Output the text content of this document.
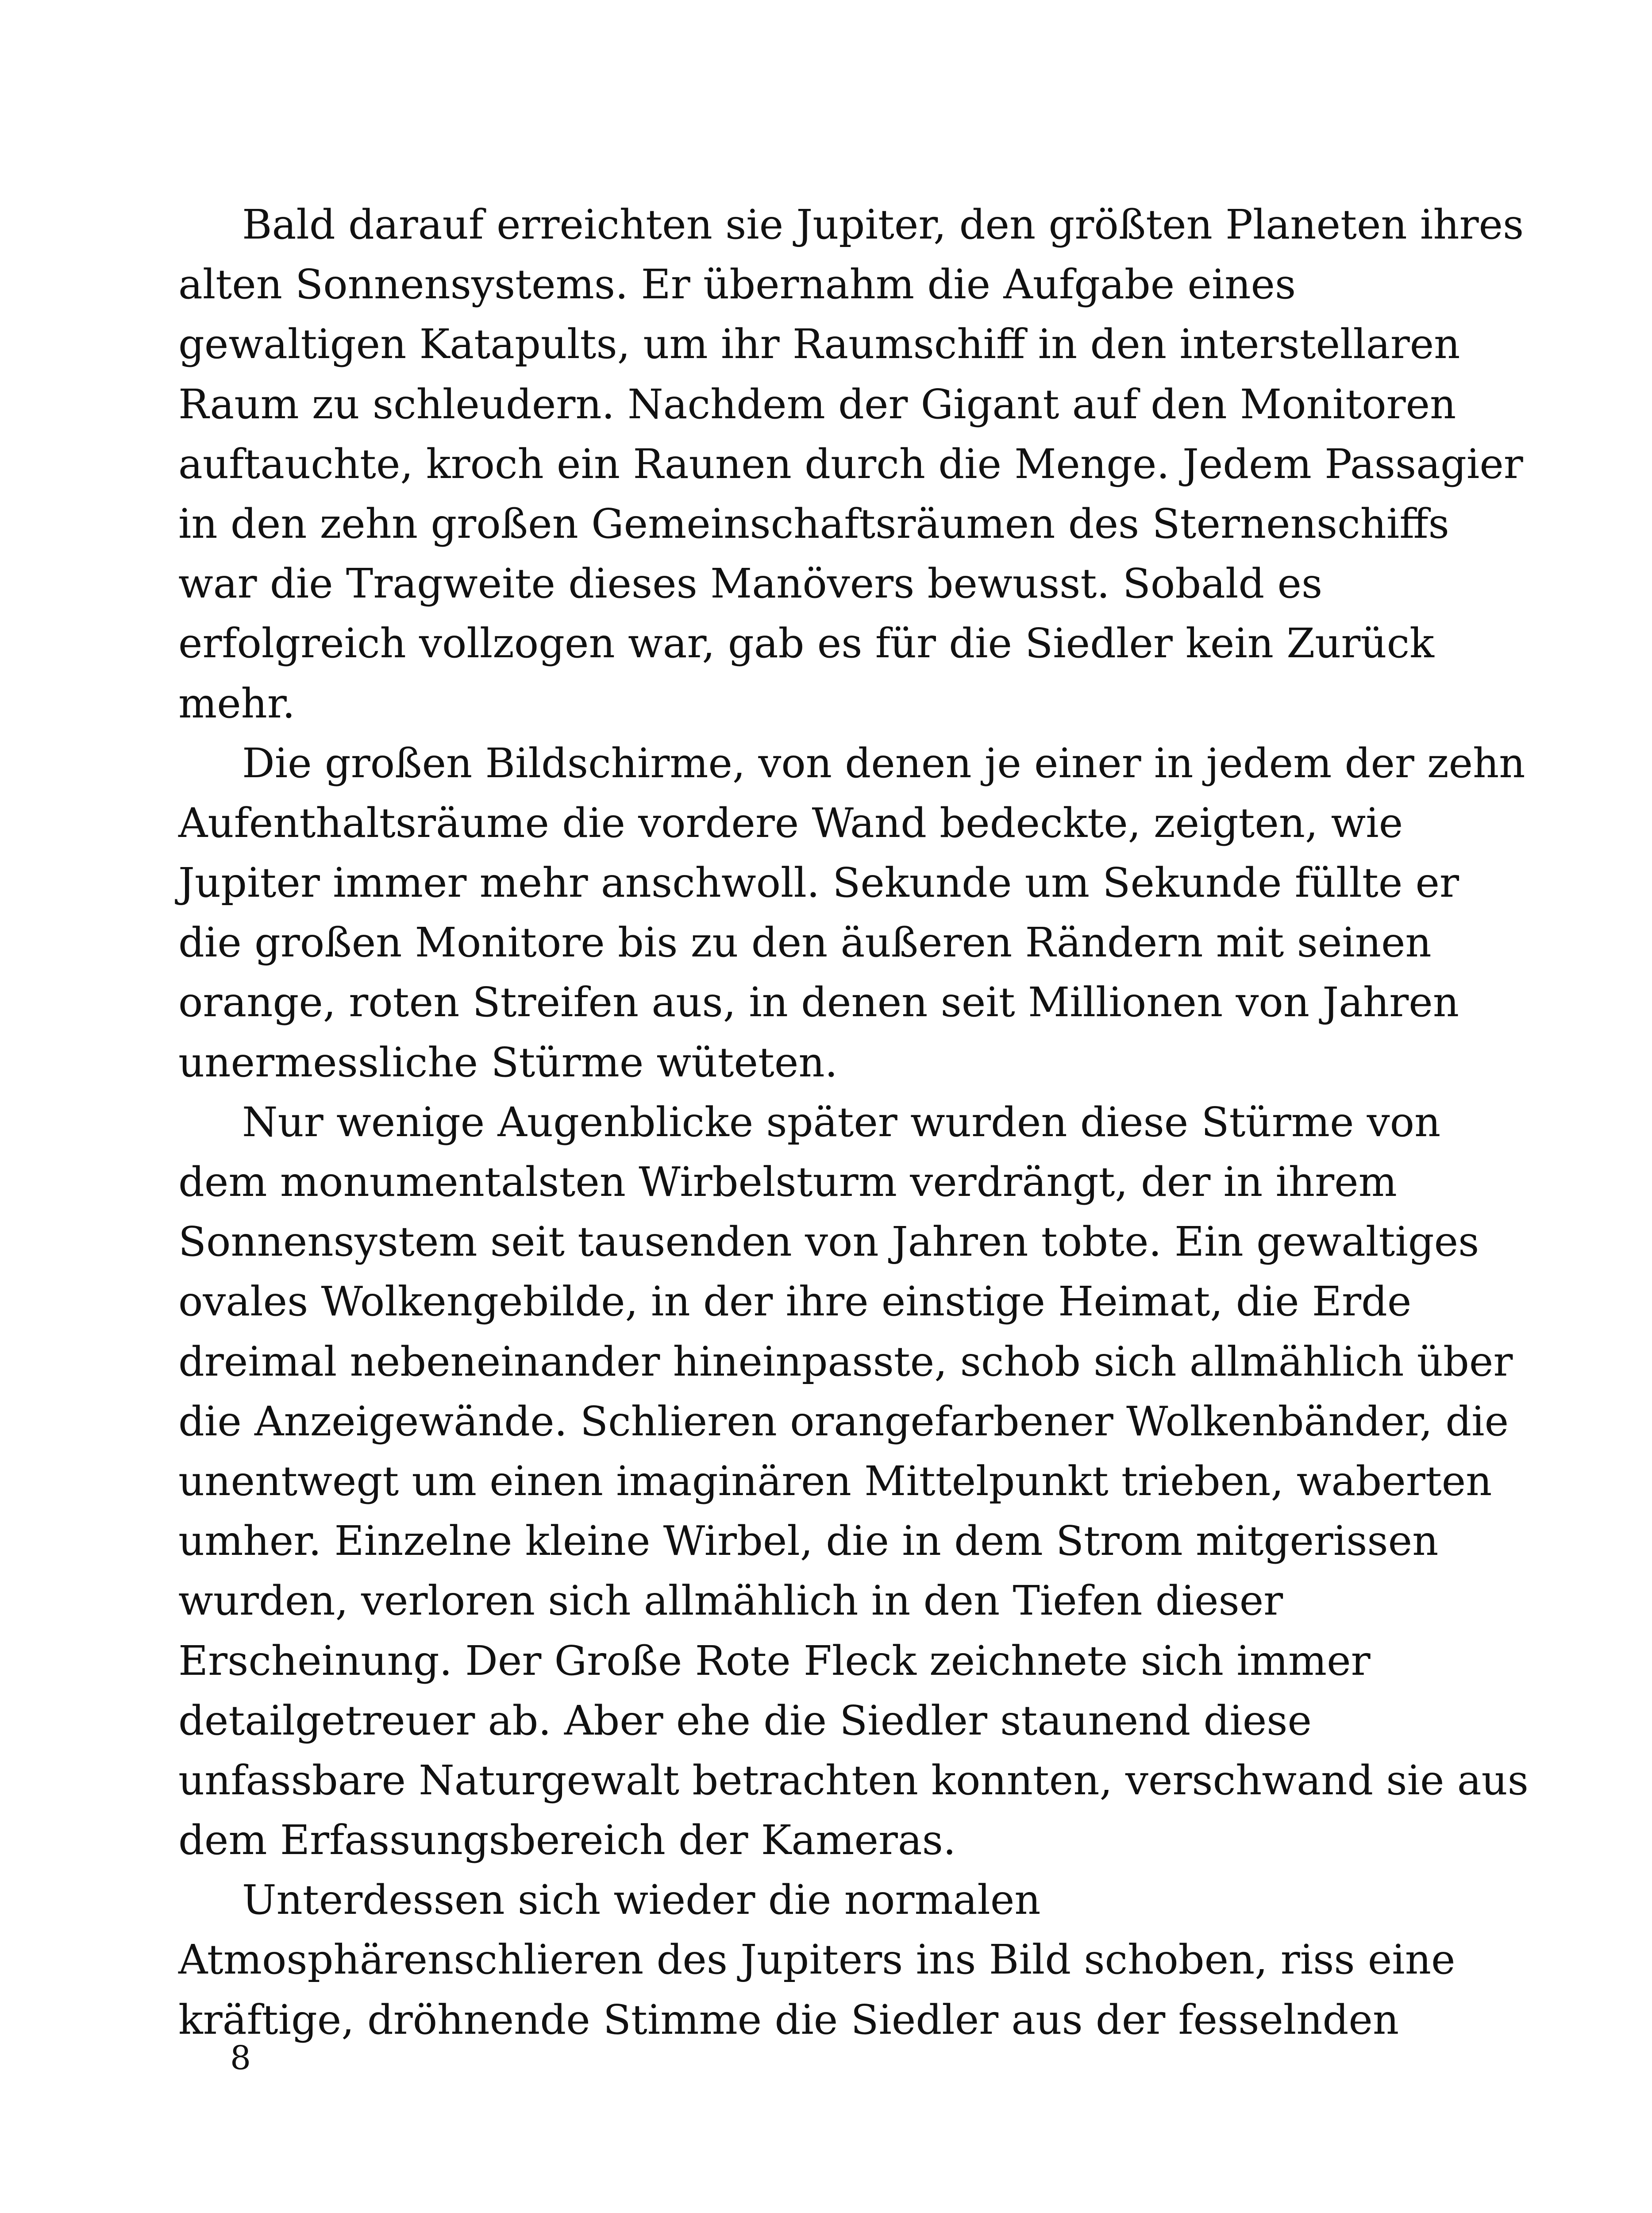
Bald darauf erreichten sie Jupiter, den größten Planeten ihres
alten Sonnensystems. Er übernahm die Aufgabe eines
gewaltigen Katapults, um ihr Raumschiff in den interstellaren
Raum zu schleudern. Nachdem der Gigant auf den Monitoren
auftauchte, kroch ein Raunen durch die Menge. Jedem Passagier
in den zehn großen Gemeinschaftsräumen des Sternenschiffs
war die Tragweite dieses Manövers bewusst. Sobald es
erfolgreich vollzogen war, gab es für die Siedler kein Zurück
mehr.
Die großen Bildschirme, von denen je einer in jedem der zehn
Aufenthaltsräume die vordere Wand bedeckte, zeigten, wie
Jupiter immer mehr anschwoll. Sekunde um Sekunde füllte er
die großen Monitore bis zu den äußeren Rändern mit seinen
orange, roten Streifen aus, in denen seit Millionen von Jahren
unermessliche Stürme wüteten.
Nur wenige Augenblicke später wurden diese Stürme von
dem monumentalsten Wirbelsturm verdrängt, der in ihrem
Sonnensystem seit tausenden von Jahren tobte. Ein gewaltiges
ovales Wolkengebilde, in der ihre einstige Heimat, die Erde
dreimal nebeneinander hineinpasste, schob sich allmählich über
die Anzeigewände. Schlieren orangefarbener Wolkenbänder, die
unentwegt um einen imaginären Mittelpunkt trieben, waberten
umher. Einzelne kleine Wirbel, die in dem Strom mitgerissen
wurden, verloren sich allmählich in den Tiefen dieser
Erscheinung. Der Große Rote Fleck zeichnete sich immer
detailgetreuer ab. Aber ehe die Siedler staunend diese
unfassbare Naturgewalt betrachten konnten, verschwand sie aus
dem Erfassungsbereich der Kameras.
Unterdessen sich wieder die normalen
Atmosphärenschlieren des Jupiters ins Bild schoben, riss eine
kräftige, dröhnende Stimme die Siedler aus der fesselnden
8
